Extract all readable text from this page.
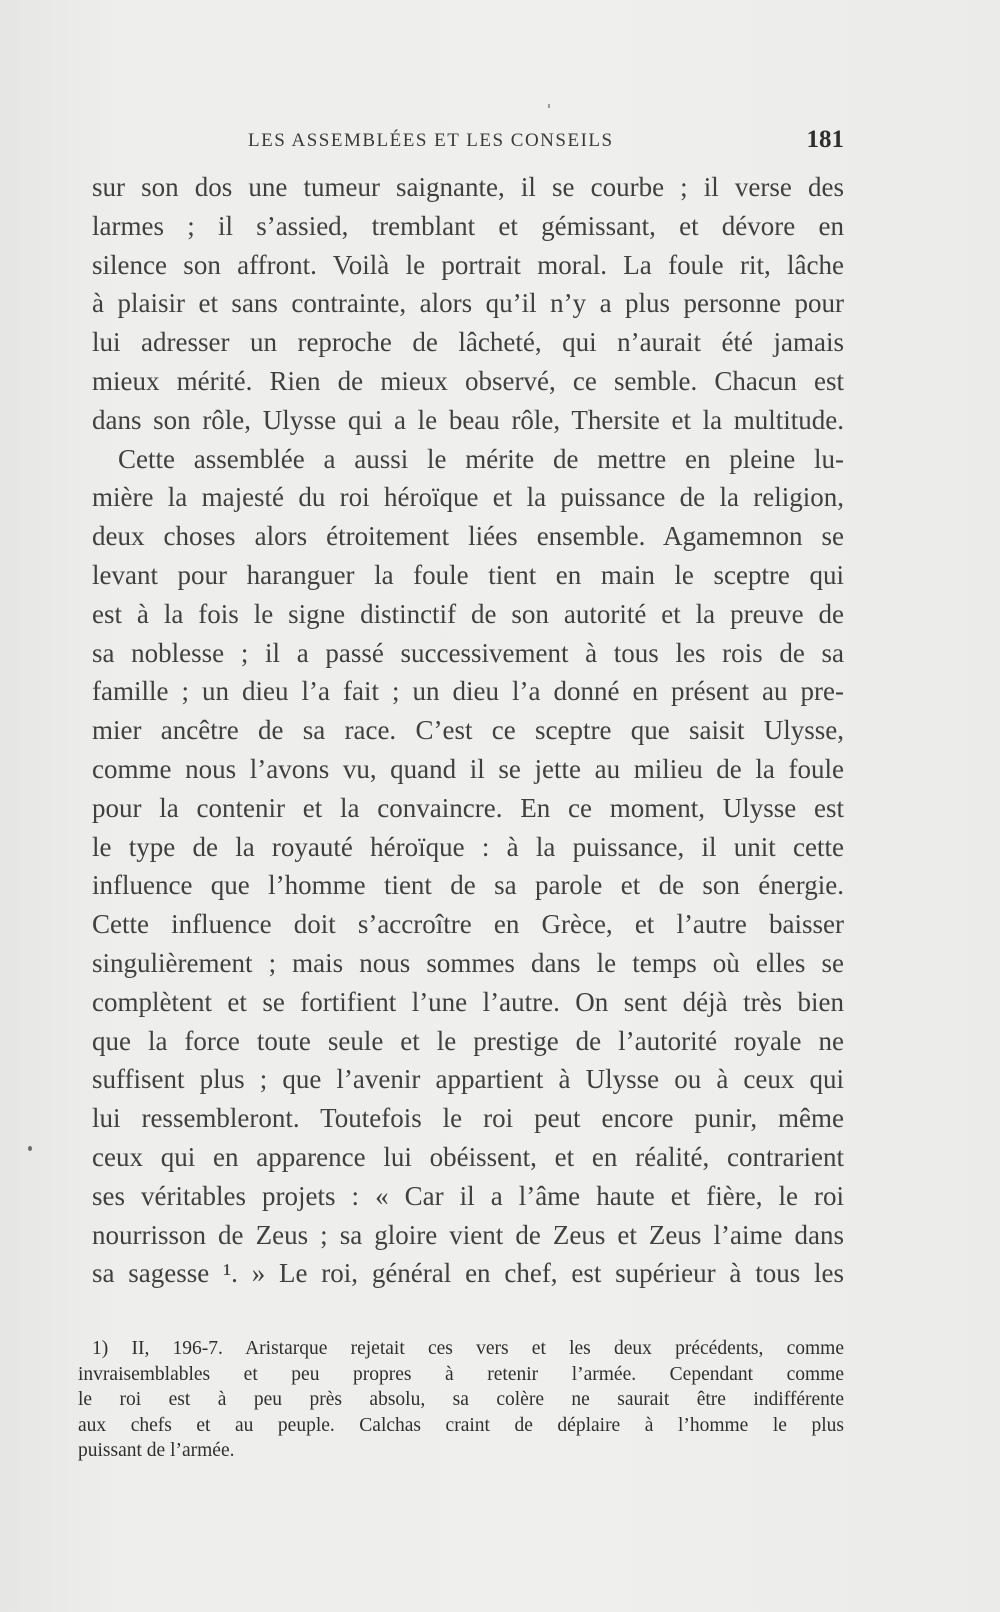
LES ASSEMBLÉES ET LES CONSEILS	181
sur son dos une tumeur saignante, il se courbe ; il verse des
larmes ; il s’assied, tremblant et gémissant, et dévore en
silence son affront. Voilà le portrait moral. La foule rit, lâche
à plaisir et sans contrainte, alors qu’il n’y a plus personne pour
lui adresser un reproche de lâcheté, qui n’aurait été jamais
mieux mérité. Rien de mieux observé, ce semble. Chacun est
dans son rôle, Ulysse qui a le beau rôle, Thersite et la multitude.
Cette assemblée a aussi le mérite de mettre en pleine lu-
mière la majesté du roi héroïque et la puissance de la religion,
deux choses alors étroitement liées ensemble. Agamemnon se
levant pour haranguer la foule tient en main le sceptre qui
est à la fois le signe distinctif de son autorité et la preuve de
sa noblesse ; il a passé successivement à tous les rois de sa
famille ; un dieu l’a fait ; un dieu l’a donné en présent au pre-
mier ancêtre de sa race. C’est ce sceptre que saisit Ulysse,
comme nous l’avons vu, quand il se jette au milieu de la foule
pour la contenir et la convaincre. En ce moment, Ulysse est
le type de la royauté héroïque : à la puissance, il unit cette
influence que l’homme tient de sa parole et de son énergie.
Cette influence doit s’accroître en Grèce, et l’autre baisser
singulièrement ; mais nous sommes dans le temps où elles se
complètent et se fortifient l’une l’autre. On sent déjà très bien
que la force toute seule et le prestige de l’autorité royale ne
suffisent plus ; que l’avenir appartient à Ulysse ou à ceux qui
lui ressembleront. Toutefois le roi peut encore punir, même
ceux qui en apparence lui obéissent, et en réalité, contrarient
ses véritables projets : « Car il a l’âme haute et fière, le roi
nourrisson de Zeus ; sa gloire vient de Zeus et Zeus l’aime dans
sa sagesse ¹. » Le roi, général en chef, est supérieur à tous les
1) II, 196-7. Aristarque rejetait ces vers et les deux précédents, comme
invraisemblables et peu propres à retenir l’armée. Cependant comme
le roi est à peu près absolu, sa colère ne saurait être indifférente
aux chefs et au peuple. Calchas craint de déplaire à l’homme le plus
puissant de l’armée.
